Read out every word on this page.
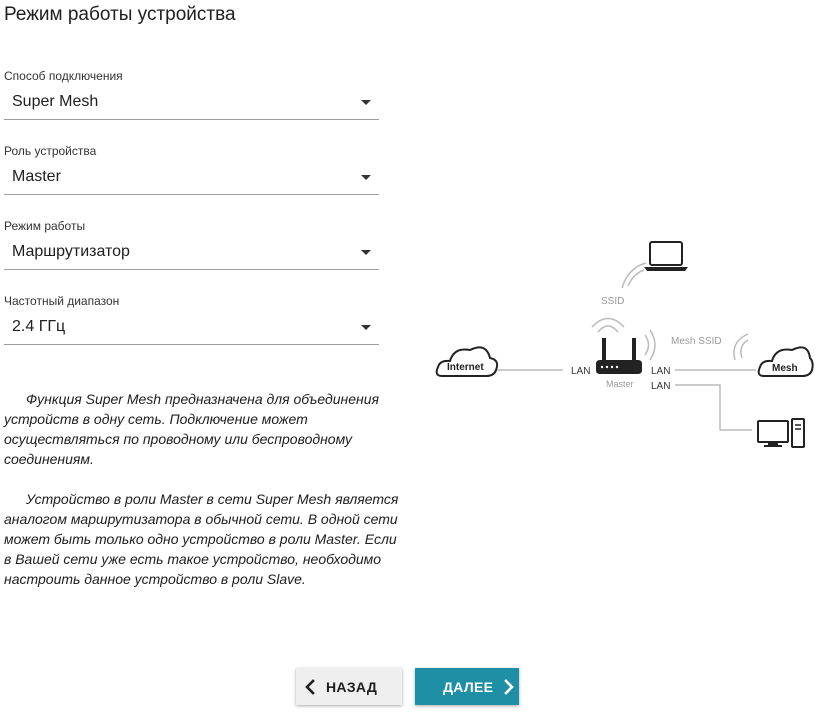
Режим работы устройства
Способ подключения
Super Mesh
Роль устройства
Master
Режим работы
Маршрутизатор
Частотный диапазон
2.4 ГГц

Функция Super Mesh предназначена для объединения устройств в одну сеть. Подключение может осуществляться по проводному или беспроводному соединениям.

Устройство в роли Master в сети Super Mesh является аналогом маршрутизатора в обычной сети. В одной сети может быть только одно устройство в роли Master. Если в Вашей сети уже есть такое устройство, необходимо настроить данное устройство в роли Slave.

SSID
Master
LAN	LAN
LAN
Mesh SSID
Internet	Mesh
НАЗАД	ДАЛЕЕ
